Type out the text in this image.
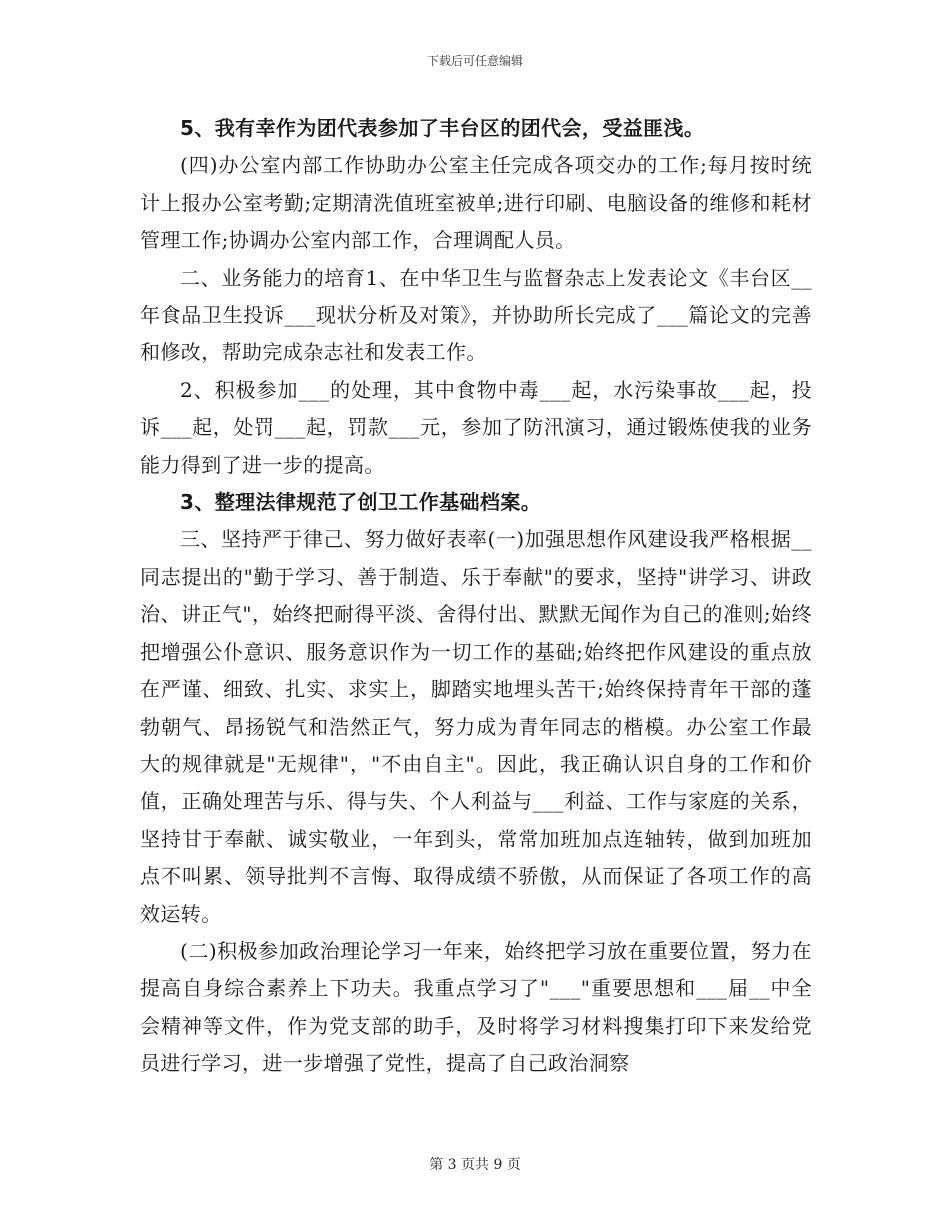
下载后可任意编辑

5、我有幸作为团代表参加了丰台区的团代会，受益匪浅。

(四)办公室内部工作协助办公室主任完成各项交办的工作;每月按时统计上报办公室考勤;定期清洗值班室被单;进行印刷、电脑设备的维修和耗材管理工作;协调办公室内部工作，合理调配人员。

二、业务能力的培育1、在中华卫生与监督杂志上发表论文《丰台区__年食品卫生投诉___现状分析及对策》，并协助所长完成了___篇论文的完善和修改，帮助完成杂志社和发表工作。

2、积极参加___的处理，其中食物中毒___起，水污染事故___起，投诉___起，处罚___起，罚款___元，参加了防汛演习，通过锻炼使我的业务能力得到了进一步的提高。

3、整理法律规范了创卫工作基础档案。

三、坚持严于律己、努力做好表率(一)加强思想作风建设我严格根据__同志提出的"勤于学习、善于制造、乐于奉献"的要求，坚持"讲学习、讲政治、讲正气"，始终把耐得平淡、舍得付出、默默无闻作为自己的准则;始终把增强公仆意识、服务意识作为一切工作的基础;始终把作风建设的重点放在严谨、细致、扎实、求实上，脚踏实地埋头苦干;始终保持青年干部的蓬勃朝气、昂扬锐气和浩然正气，努力成为青年同志的楷模。办公室工作最大的规律就是"无规律"，"不由自主"。因此，我正确认识自身的工作和价值，正确处理苦与乐、得与失、个人利益与___利益、工作与家庭的关系，坚持甘于奉献、诚实敬业，一年到头，常常加班加点连轴转，做到加班加点不叫累、领导批判不言悔、取得成绩不骄傲，从而保证了各项工作的高效运转。

(二)积极参加政治理论学习一年来，始终把学习放在重要位置，努力在提高自身综合素养上下功夫。我重点学习了"___"重要思想和___届__中全会精神等文件，作为党支部的助手，及时将学习材料搜集打印下来发给党员进行学习，进一步增强了党性，提高了自己政治洞察

第 3 页共 9 页
